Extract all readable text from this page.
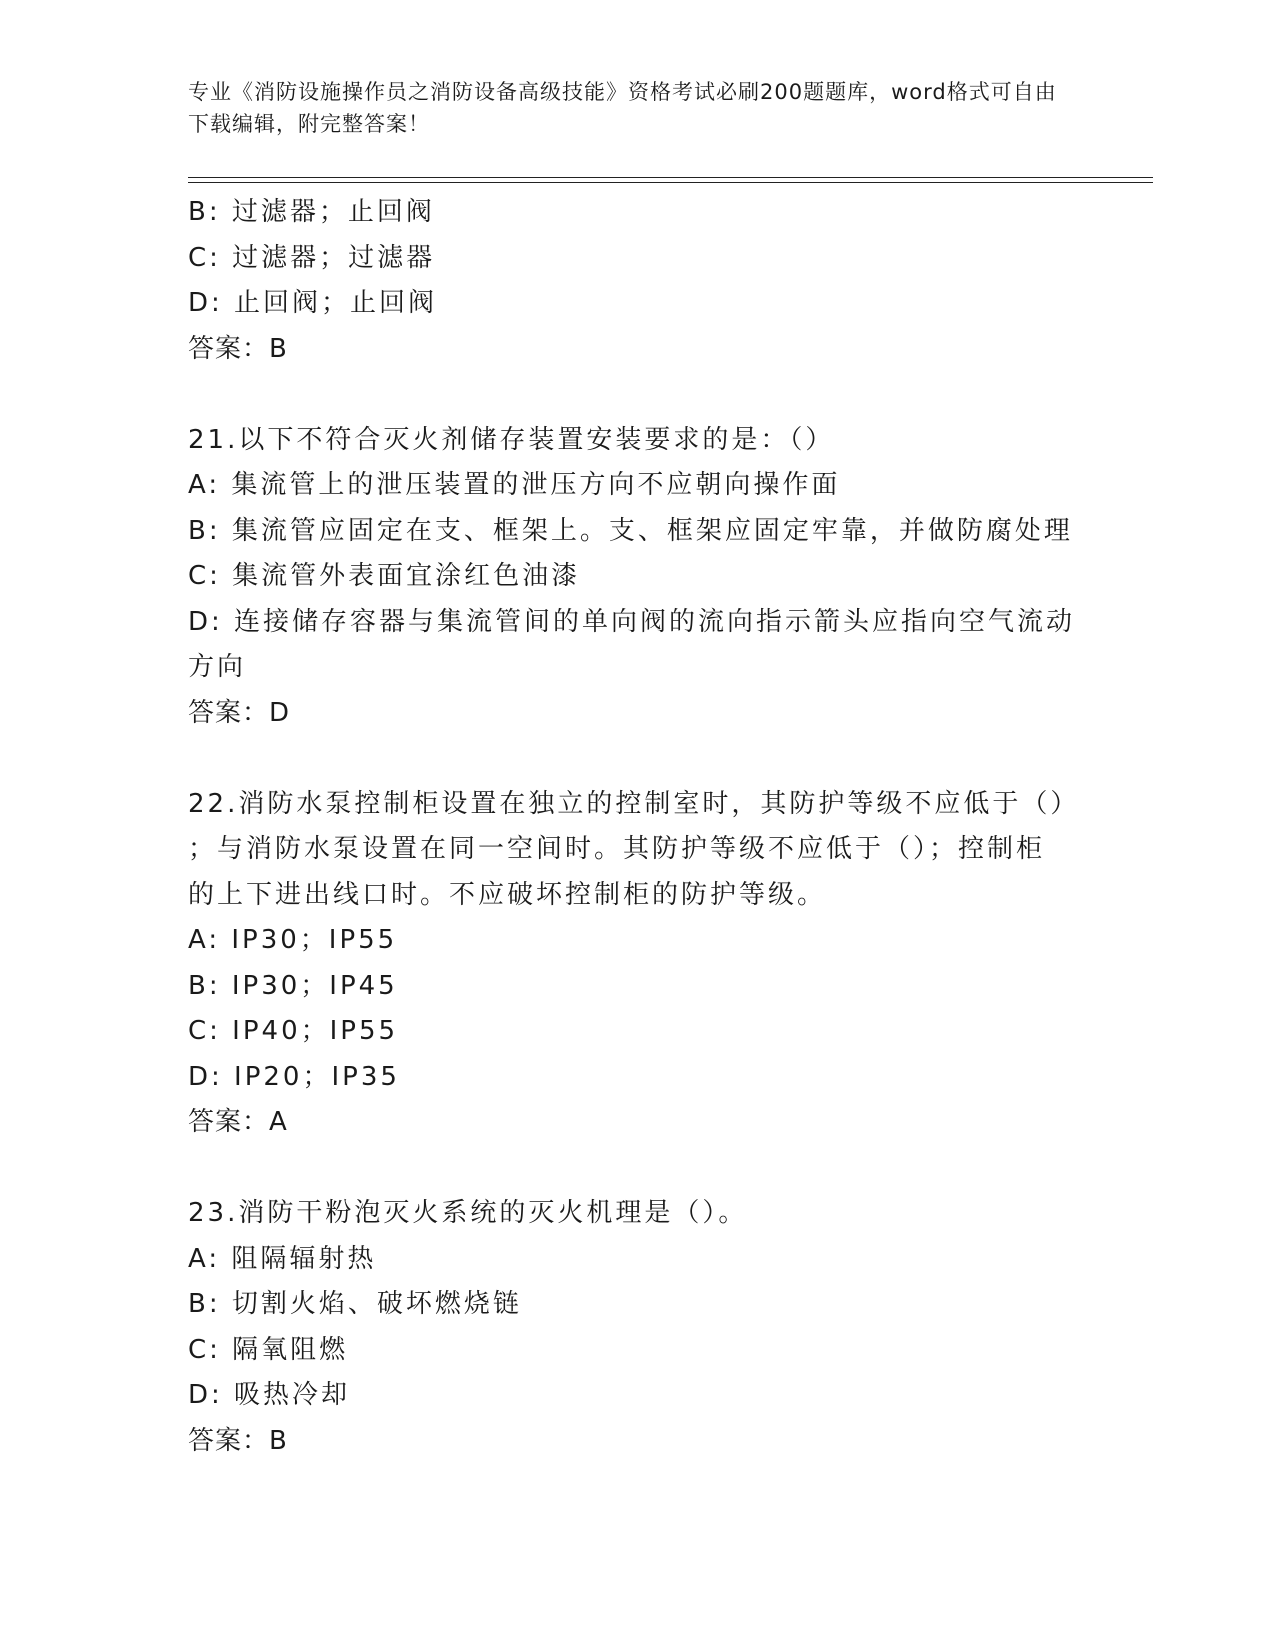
专业《消防设施操作员之消防设备高级技能》资格考试必刷200题题库，word格式可自由下载编辑，附完整答案！
B: 过滤器；止回阀
C: 过滤器；过滤器
D: 止回阀；止回阀
答案：B
21.以下不符合灭火剂储存装置安装要求的是：（）
A: 集流管上的泄压装置的泄压方向不应朝向操作面
B: 集流管应固定在支、框架上。支、框架应固定牢靠，并做防腐处理
C: 集流管外表面宜涂红色油漆
D: 连接储存容器与集流管间的单向阀的流向指示箭头应指向空气流动
方向
答案：D
22.消防水泵控制柜设置在独立的控制室时，其防护等级不应低于（）
；与消防水泵设置在同一空间时。其防护等级不应低于（）；控制柜
的上下进出线口时。不应破坏控制柜的防护等级。
A: IP30；IP55
B: IP30；IP45
C: IP40；IP55
D: IP20；IP35
答案：A
23.消防干粉泡灭火系统的灭火机理是（）。
A: 阻隔辐射热
B: 切割火焰、破坏燃烧链
C: 隔氧阻燃
D: 吸热冷却
答案：B
